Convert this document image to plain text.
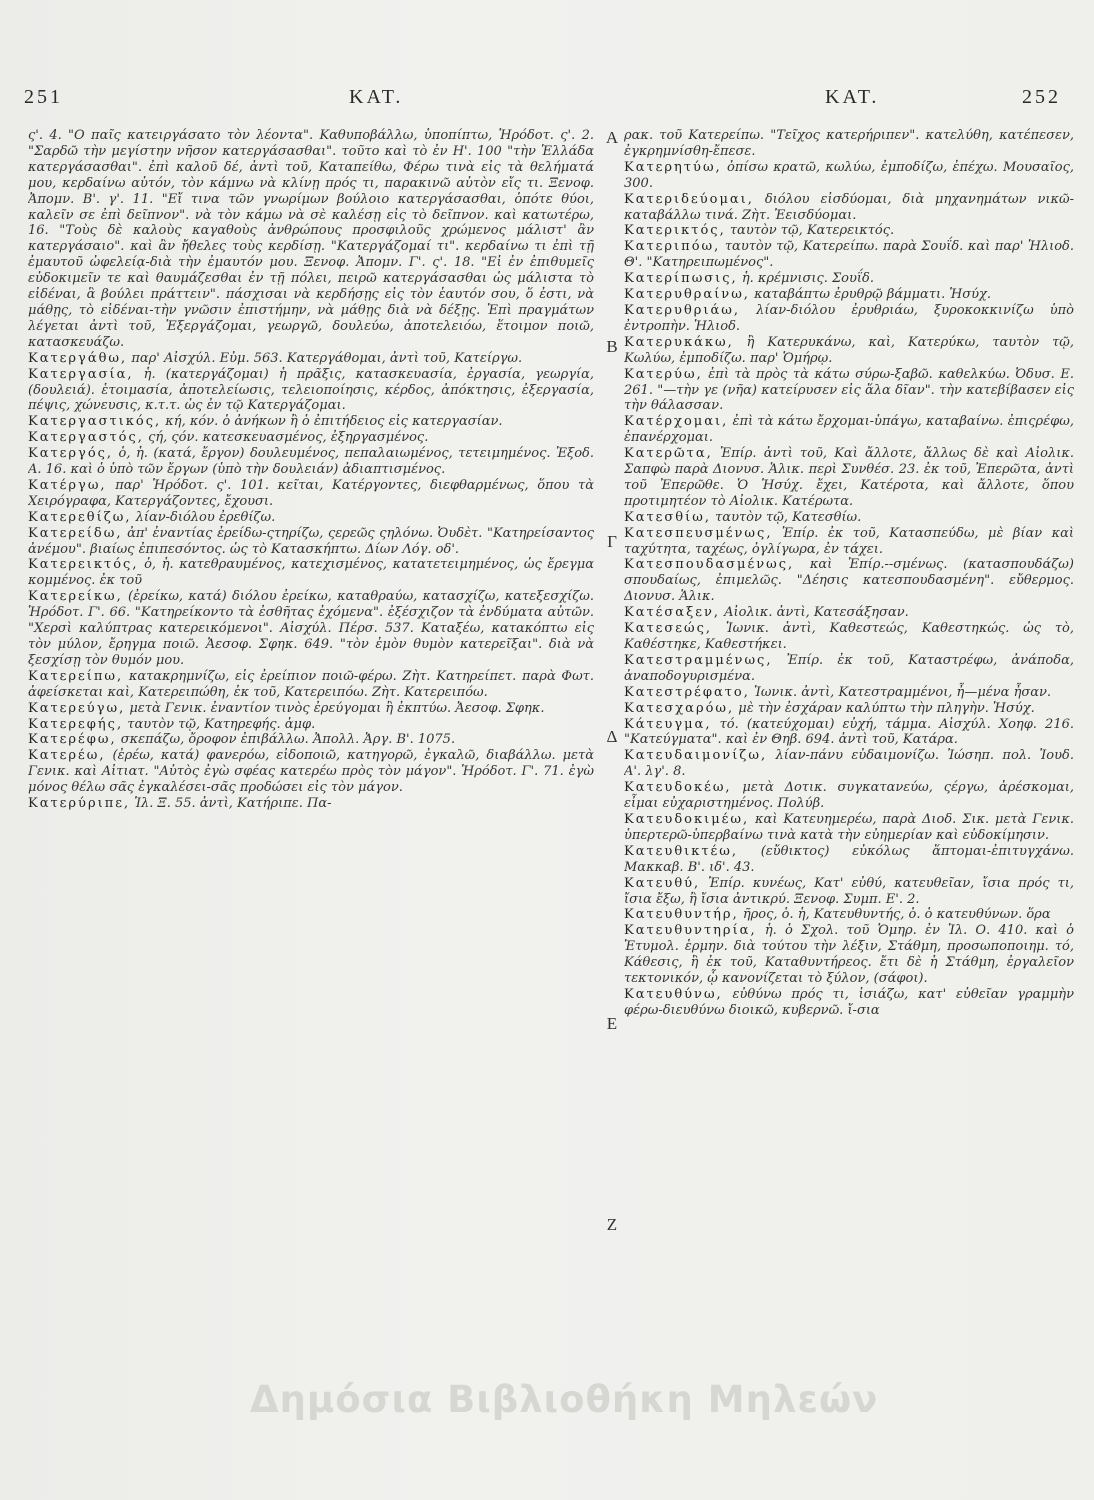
251	ΚΑΤ.	ΚΑΤ.	252

ς'. 4. "Ο παῖς κατειργάσατο τὸν λέοντα". Καθυποβάλλω, ὑποπίπτω, Ἡρόδοτ. ς'. 2. "Σαρδῶ τὴν μεγίστην νῆσον κατεργάσασθαι". τοῦτο καὶ τὸ ἐν Η'. 100 "τὴν Ἑλλάδα κατεργάσασθαι". ἐπὶ καλοῦ δέ, ἀντὶ τοῦ, Καταπείθω, Φέρω τινὰ εἰς τὰ θελήματά μου, κερδαίνω αὐτόν, τὸν κάμνω νὰ κλίνῃ πρός τι, παρακινῶ αὐτὸν εἴς τι. Ξενοφ. Ἀπομν. Β'. γ'. 11. "Εἴ τινα τῶν γνωρίμων βούλοιο κατεργάσασθαι, ὁπότε θύοι, καλεῖν σε ἐπὶ δεῖπνον". νὰ τὸν κάμω νὰ σὲ καλέσῃ εἰς τὸ δεῖπνον. καὶ κατωτέρω, 16. "Τοὺς δὲ καλοὺς καγαθοὺς ἀνθρώπους προσφιλοῦς χρώμενος μάλιστ' ἂν κατεργάσαιο". καὶ ἂν ἤθελες τοὺς κερδίσῃ. "Κατεργάζομαί τι". κερδαίνω τι ἐπὶ τῇ ἐμαυτοῦ ὠφελείᾳ-διὰ τὴν ἐμαυτόν μου. Ξενοφ. Ἀπομν. Γ'. ς'. 18. "Εἰ ἐν ἐπιθυμεῖς εὐδοκιμεῖν τε καὶ θαυμάζεσθαι ἐν τῇ πόλει, πειρῶ κατεργάσασθαι ὡς μάλιστα τὸ εἰδέναι, ἃ βούλει πράττειν". πάσχισαι νὰ κερδήσῃς εἰς τὸν ἑαυτόν σου, ὅ ἐστι, νὰ μάθῃς, τὸ εἰδέναι-τὴν γνῶσιν ἐπιστήμην, νὰ μάθῃς διὰ νὰ δέξῃς. Ἐπὶ πραγμάτων λέγεται ἀντὶ τοῦ, Ἐξεργάζομαι, γεωργῶ, δουλεύω, ἀποτελειόω, ἕτοιμον ποιῶ, κατασκευάζω.

Κατεργάθω, παρ' Αἰσχύλ. Εὐμ. 563. Κατεργάθομαι, ἀντὶ τοῦ, Κατείργω.

Κατεργασία, ἡ. (κατεργάζομαι) ἡ πρᾶξις, κατασκευασία, ἐργασία, γεωργία, (δουλειά). ἑτοιμασία, ἀποτελείωσις, τελειοποίησις, κέρδος, ἀπόκτησις, ἐξεργασία, πέψις, χώνευσις, κ.τ.τ. ὡς ἐν τῷ Κατεργάζομαι.

Κατεργαστικός, κή, κόν. ὁ ἀνήκων ἢ ὁ ἐπιτήδειος εἰς κατεργασίαν.

Κατεργαστός, ςή, ςόν. κατεσκευασμένος, ἐξηργασμένος.

Κατεργός, ὁ, ἡ. (κατά, ἔργον) δουλευμένος, πεπαλαιωμένος, τετειμημένος. Ἐξοδ. Α. 16. καὶ ὁ ὑπὸ τῶν ἔργων (ὑπὸ τὴν δουλειάν) ἀδιαπτισμένος.

Κατέργω, παρ' Ἡρόδοτ. ς'. 101. κεῖται, Κατέργοντες, διεφθαρμένως, ὅπου τὰ Χειρόγραφα, Κατεργάζοντες, ἔχουσι.

Κατερεθίζω, λίαν-διόλου ἐρεθίζω.

Κατερείδω, ἀπ' ἐναντίας ἐρείδω-ςτηρίζω, ςερεῶς ςηλόνω. Ὀυδὲτ. "Κατηρείσαντος ἀνέμου". βιαίως ἐπιπεσόντος. ὡς τὸ Κατασκήπτω. Δίων Λόγ. οδ'.

Κατερεικτός, ὁ, ἡ. κατεθραυμένος, κατεχισμένος, κατατετειμημένος, ὡς ἔρεγμα κομμένος. ἐκ τοῦ

Κατερείκω, (ἐρείκω, κατά) διόλου ἐρείκω, καταθραύω, κατασχίζω, κατεξεσχίζω. Ἡρόδοτ. Γ'. 66. "Κατηρείκοντο τὰ ἐσθῆτας ἐχόμενα". ἐξέσχιζον τὰ ἐνδύματα αὐτῶν. "Χερσὶ καλύπτρας κατερεικόμενοι". Αἰσχύλ. Πέρσ. 537. Καταξέω, κατακόπτω εἰς τὸν μύλον, ἔρηγμα ποιῶ. Ἀεσοφ. Σφηκ. 649. "τὸν ἐμὸν θυμὸν κατερεῖξαι". διὰ νὰ ξεσχίσῃ τὸν θυμόν μου.

Κατερείπω, κατακρημνίζω, εἰς ἐρείπιον ποιῶ-φέρω. Ζὴτ. Κατηρείπετ. παρὰ Φωτ. ἀφείσκεται καὶ, Κατερειπώθη, ἐκ τοῦ, Κατερειπόω. Ζὴτ. Κατερειπόω.

Κατερεύγω, μετὰ Γενικ. ἐναντίον τινὸς ἐρεύγομαι ἢ ἐκπτύω. Ἀεσοφ. Σφηκ.

Κατερεφής, ταυτὸν τῷ, Κατηρεφής. ἀμφ.

Κατερέφω, σκεπάζω, ὄροφον ἐπιβάλλω. Ἀπολλ. Ἀργ. Β'. 1075.

Κατερέω, (ἐρέω, κατά) φανερόω, εἰδοποιῶ, κατηγορῶ, ἐγκαλῶ, διαβάλλω. μετὰ Γενικ. καὶ Αἰτιατ. "Αὐτὸς ἐγὼ σφέας κατερέω πρὸς τὸν μάγον". Ἡρόδοτ. Γ'. 71. ἐγὼ μόνος θέλω σᾶς ἐγκαλέσει-σᾶς προδώσει εἰς τὸν μάγον.

Κατερύριπε, Ἰλ. Ξ. 55. ἀντὶ, Κατήριπε. Πα-

Α
Β
Γ
Δ
Ε
Ζ

ρακ. τοῦ Κατερείπω. "Τεῖχος κατερήριπεν". κατελύθη, κατέπεσεν, ἐγκρημνίσθη-ἔπεσε.

Κατερητύω, ὀπίσω κρατῶ, κωλύω, ἐμποδίζω, ἐπέχω. Μουσαῖος, 300.

Κατεριδεύομαι, διόλου εἰσδύομαι, διὰ μηχανημάτων νικῶ-καταβάλλω τινά. Ζὴτ. Ἐεισδύομαι.

Κατερικτός, ταυτὸν τῷ, Κατερεικτός.

Κατεριπόω, ταυτὸν τῷ, Κατερείπω. παρὰ Σουΐδ. καὶ παρ' Ἡλιοδ. Θ'. "Κατηρειπωμένος".

Κατερίπωσις, ἡ. κρέμνισις. Σουΐδ.

Κατερυθραίνω, καταβάπτω ἐρυθρῷ βάμματι. Ἡσύχ.

Κατερυθριάω, λίαν-διόλου ἐρυθριάω, ξυροκοκκινίζω ὑπὸ ἐντροπὴν. Ἡλιοδ.

Κατερυκάκω, ἢ Κατερυκάνω, καὶ, Κατερύκω, ταυτὸν τῷ, Κωλύω, ἐμποδίζω. παρ' Ὁμήρῳ.

Κατερύω, ἐπὶ τὰ πρὸς τὰ κάτω σύρω-ξαβῶ. καθελκύω. Ὀδυσ. Ε. 261. "—τὴν γε (νῆα) κατείρυσεν εἰς ἅλα δῖαν". τὴν κατεβίβασεν εἰς τὴν θάλασσαν.

Κατέρχομαι, ἐπὶ τὰ κάτω ἔρχομαι-ὑπάγω, καταβαίνω. ἐπιςρέφω, ἐπανέρχομαι.

Κατερῶτα, Ἐπίρ. ἀντὶ τοῦ, Καὶ ἄλλοτε, ἄλλως δὲ καὶ Αἰολικ. Σαπφὼ παρὰ Διονυσ. Ἁλικ. περὶ Συνθέσ. 23. ἐκ τοῦ, Ἐπερῶτα, ἀντὶ τοῦ Ἐπερῶθε. Ὁ Ἡσύχ. ἔχει, Κατέροτα, καὶ ἄλλοτε, ὅπου προτιμητέον τὸ Αἰολικ. Κατέρωτα.

Κατεσθίω, ταυτὸν τῷ, Κατεσθίω.

Κατεσπευσμένως, Ἐπίρ. ἐκ τοῦ, Κατασπεύδω, μὲ βίαν καὶ ταχύτητα, ταχέως, ὀγλίγωρα, ἐν τάχει.

Κατεσπουδασμένως, καὶ Ἐπίρ.--σμένως. (κατασπουδάζω) σπουδαίως, ἐπιμελῶς. "Δέησις κατεσπουδασμένη". εὔθερμος. Διονυσ. Ἁλικ.

Κατέσαξεν, Αἰολικ. ἀντὶ, Κατεσάξησαν.

Κατεσεώς, Ἰωνικ. ἀντὶ, Καθεστεώς, Καθεστηκώς. ὡς τὸ, Καθέστηκε, Καθεστήκει.

Κατεστραμμένως, Ἐπίρ. ἐκ τοῦ, Καταστρέφω, ἀνάποδα, ἀναποδογυρισμένα.

Κατεστρέφατο, Ἰωνικ. ἀντὶ, Κατεστραμμένοι, ἦ—μένα ἦσαν.

Κατεσχαρόω, μὲ τὴν ἐσχάραν καλύπτω τὴν πληγὴν. Ἡσύχ.

Κάτευγμα, τό. (κατεύχομαι) εὐχή, τάμμα. Αἰσχύλ. Χοηφ. 216. "Κατεύγματα". καὶ ἐν Θηβ. 694. ἀντὶ τοῦ, Κατάρα.

Κατευδαιμονίζω, λίαν-πάνυ εὐδαιμονίζω. Ἰώσηπ. πολ. Ἰουδ. Α'. λγ'. 8.

Κατευδοκέω, μετὰ Δοτικ. συγκατανεύω, ςέργω, ἀρέσκομαι, εἶμαι εὐχαριστημένος. Πολύβ.

Κατευδοκιμέω, καὶ Κατευημερέω, παρὰ Διοδ. Σικ. μετὰ Γενικ. ὑπερτερῶ-ὑπερβαίνω τινὰ κατὰ τὴν εὐημερίαν καὶ εὐδοκίμησιν.

Κατευθικτέω, (εὔθικτος) εὐκόλως ἅπτομαι-ἐπιτυγχάνω. Μακκαβ. Β'. ιδ'. 43.

Κατευθύ, Ἐπίρ. κυνέως, Κατ' εὐθύ, κατευθεῖαν, ἴσια πρός τι, ἴσια ἔξω, ἢ ἴσια ἀντικρύ. Ξενοφ. Συμπ. Ε'. 2.

Κατευθυντήρ, ῆρος, ὁ. ἡ, Κατευθυντής, ὁ. ὁ κατευθύνων. ὅρα

Κατευθυντηρία, ἡ. ὁ Σχολ. τοῦ Ὁμηρ. ἐν Ἰλ. Ο. 410. καὶ ὁ Ἐτυμολ. ἑρμην. διὰ τούτου τὴν λέξιν, Στάθμη, προσωποποιημ. τό, Κάθεσις, ἢ ἐκ τοῦ, Καταθυντήρεος. ἔτι δὲ ἡ Στάθμη, ἐργαλεῖον τεκτονικόν, ᾧ κανονίζεται τὸ ξύλον, (σάφοι).

Κατευθύνω, εὐθύνω πρός τι, ἰσιάζω, κατ' εὐθεῖαν γραμμὴν φέρω-διευθύνω διοικῶ, κυβερνῶ. ἴ-σια

Δημόσια Βιβλιοθήκη Μηλεών
